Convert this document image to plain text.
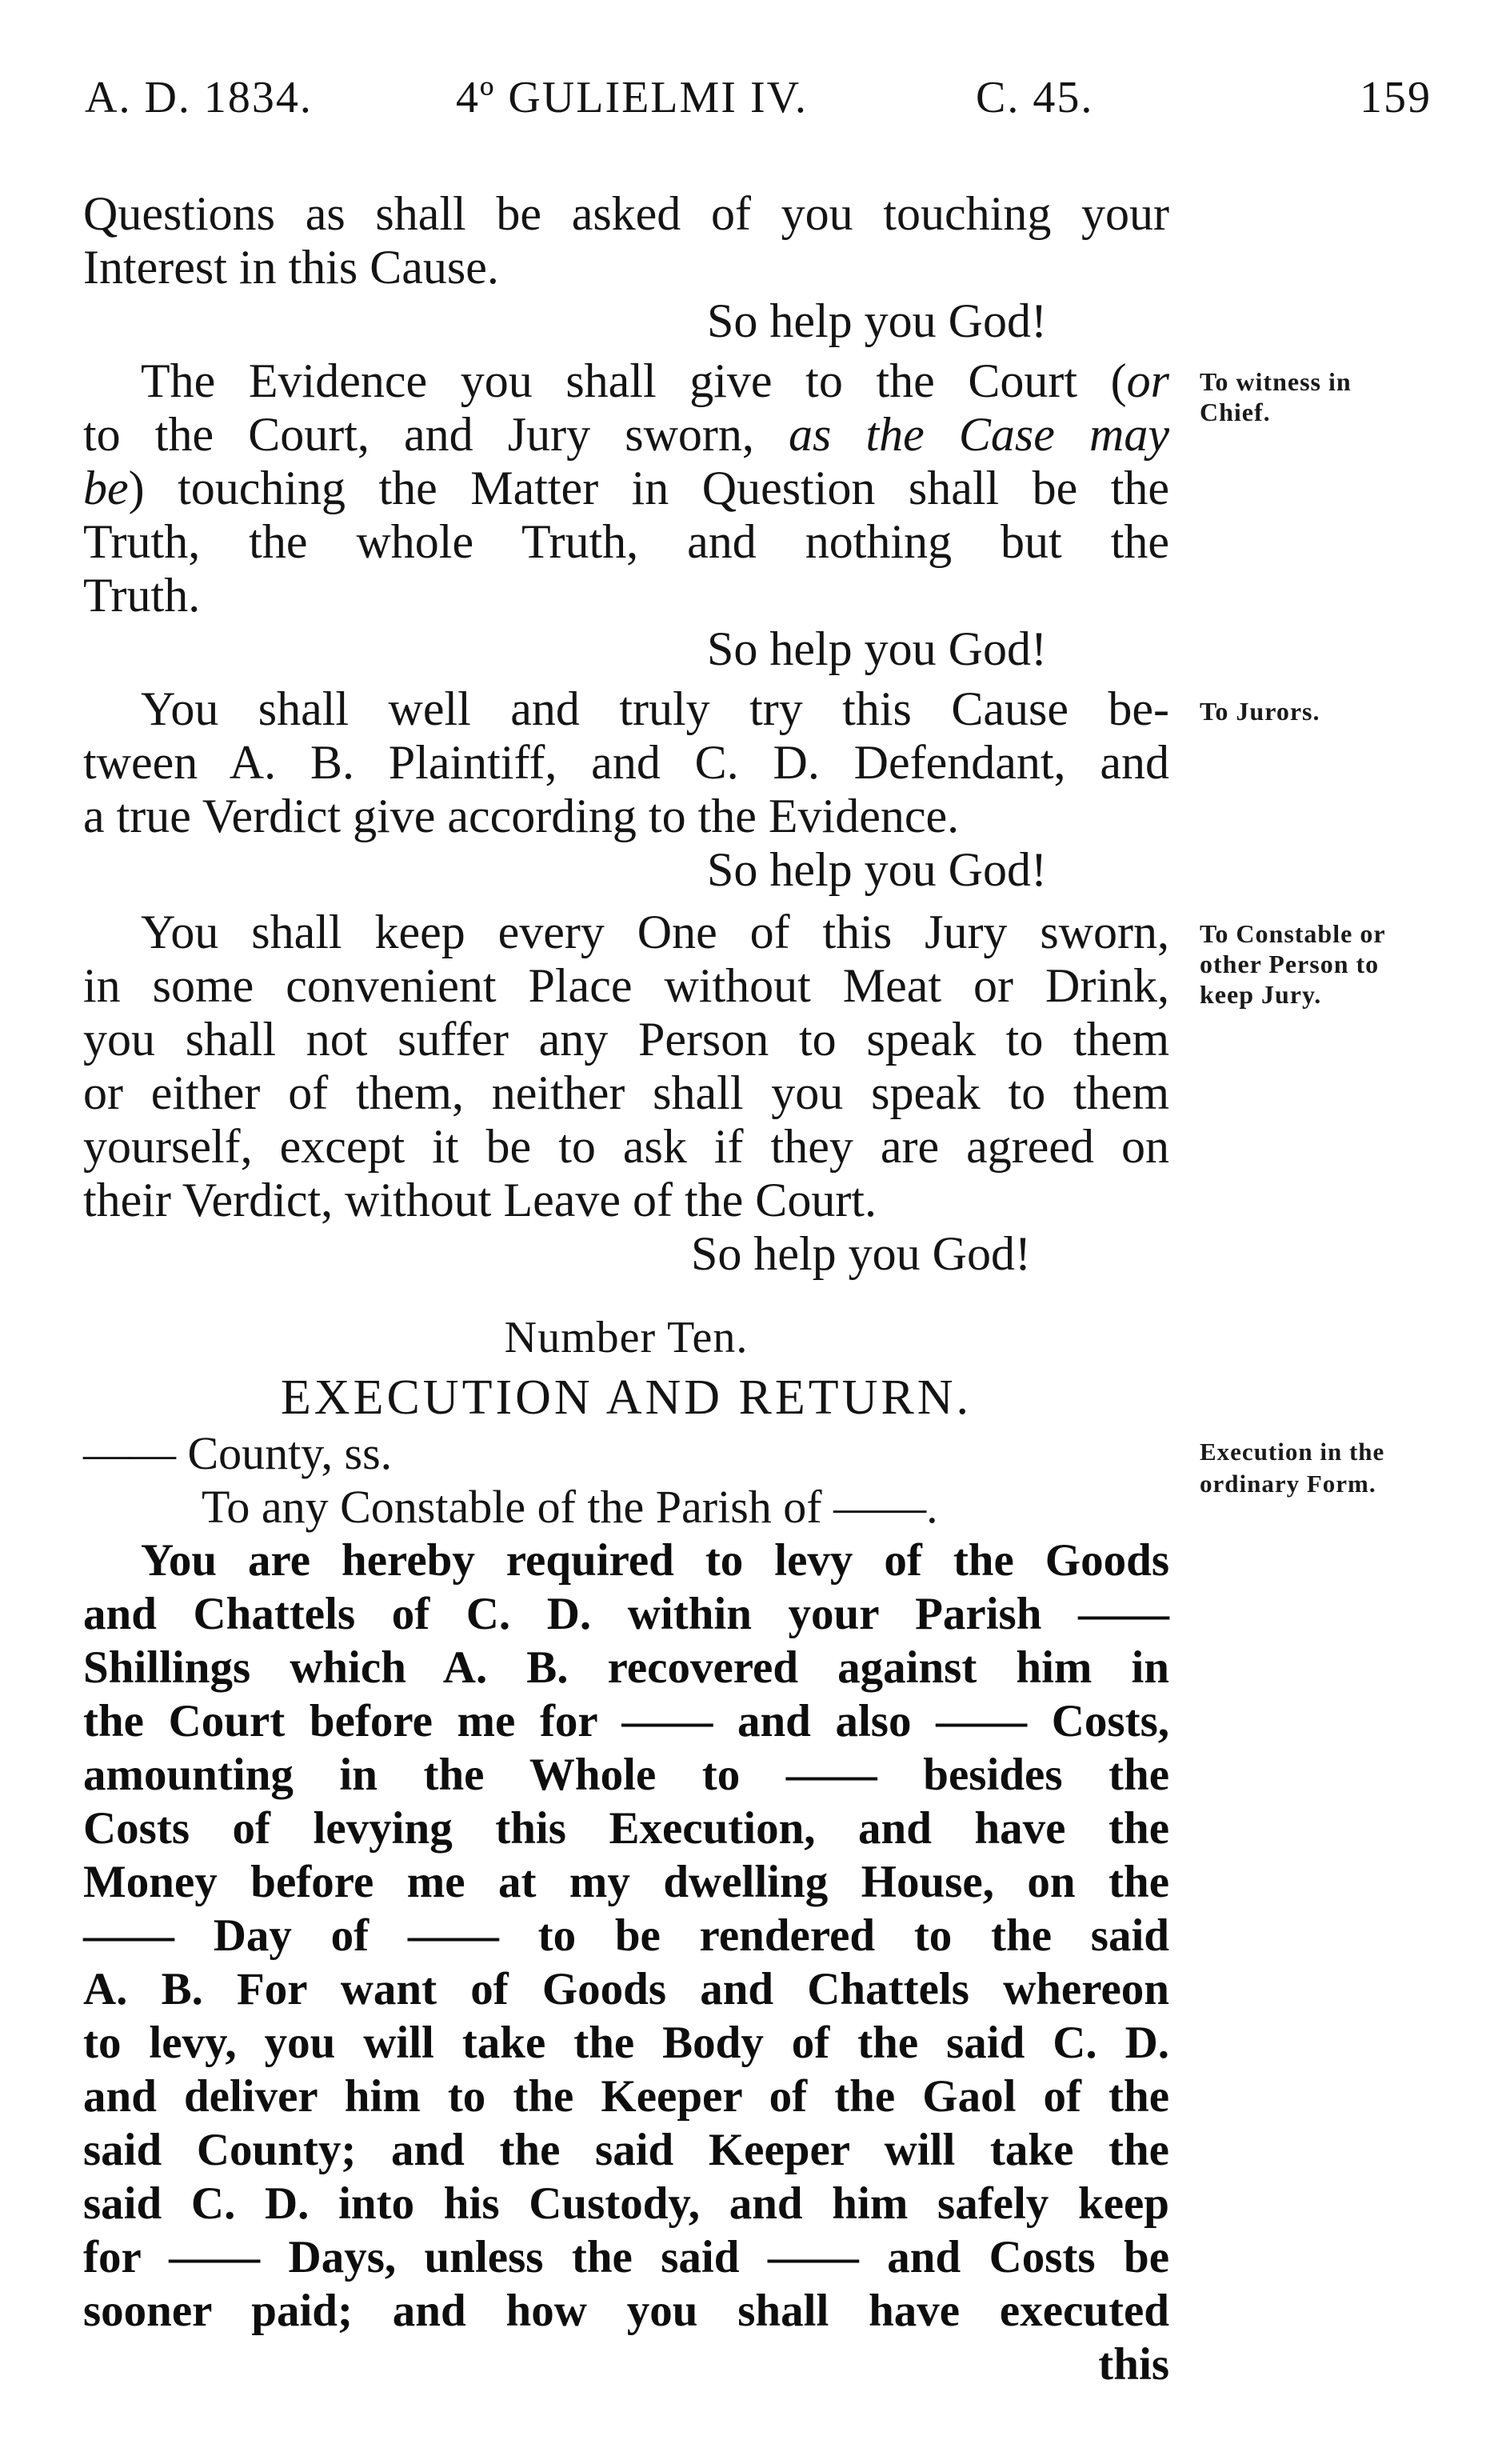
A. D. 1834.	4º GULIELMI IV.	C. 45.	159
Questions as shall be asked of you touching your
Interest in this Cause.
So help you God!
The Evidence you shall give to the Court (or
to the Court, and Jury sworn, as the Case may
be) touching the Matter in Question shall be the
Truth, the whole Truth, and nothing but the
Truth.
So help you God!
To witness in
Chief.
You shall well and truly try this Cause be-
tween A. B. Plaintiff, and C. D. Defendant, and
a true Verdict give according to the Evidence.
So help you God!
To Jurors.
You shall keep every One of this Jury sworn,
in some convenient Place without Meat or Drink,
you shall not suffer any Person to speak to them
or either of them, neither shall you speak to them
yourself, except it be to ask if they are agreed on
their Verdict, without Leave of the Court.
So help you God!
To Constable or
other Person to
keep Jury.
Number Ten.
EXECUTION AND RETURN.
—— County, ss.
To any Constable of the Parish of ——.
Execution in the
ordinary Form.
You are hereby required to levy of the Goods
and Chattels of C. D. within your Parish ——
Shillings which A. B. recovered against him in
the Court before me for —— and also —— Costs,
amounting in the Whole to —— besides the
Costs of levying this Execution, and have the
Money before me at my dwelling House, on the
—— Day of —— to be rendered to the said
A. B. For want of Goods and Chattels whereon
to levy, you will take the Body of the said C. D.
and deliver him to the Keeper of the Gaol of the
said County; and the said Keeper will take the
said C. D. into his Custody, and him safely keep
for —— Days, unless the said —— and Costs be
sooner paid; and how you shall have executed
this
